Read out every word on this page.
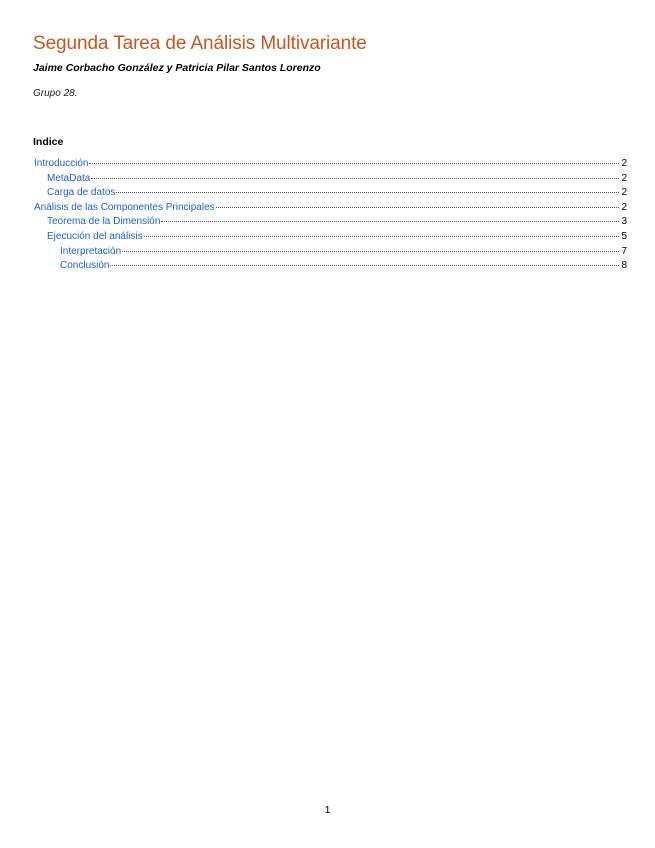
Segunda Tarea de Análisis Multivariante
Jaime Corbacho González y Patricia Pilar Santos Lorenzo
Grupo 28.
Indice
Introducción	2
MetaData	2
Carga de datos	2
Análisis de las Componentes Principales	2
Teorema de la Dimensión	3
Ejecución del análisis	5
Interpretación	7
Conclusión	8
1
